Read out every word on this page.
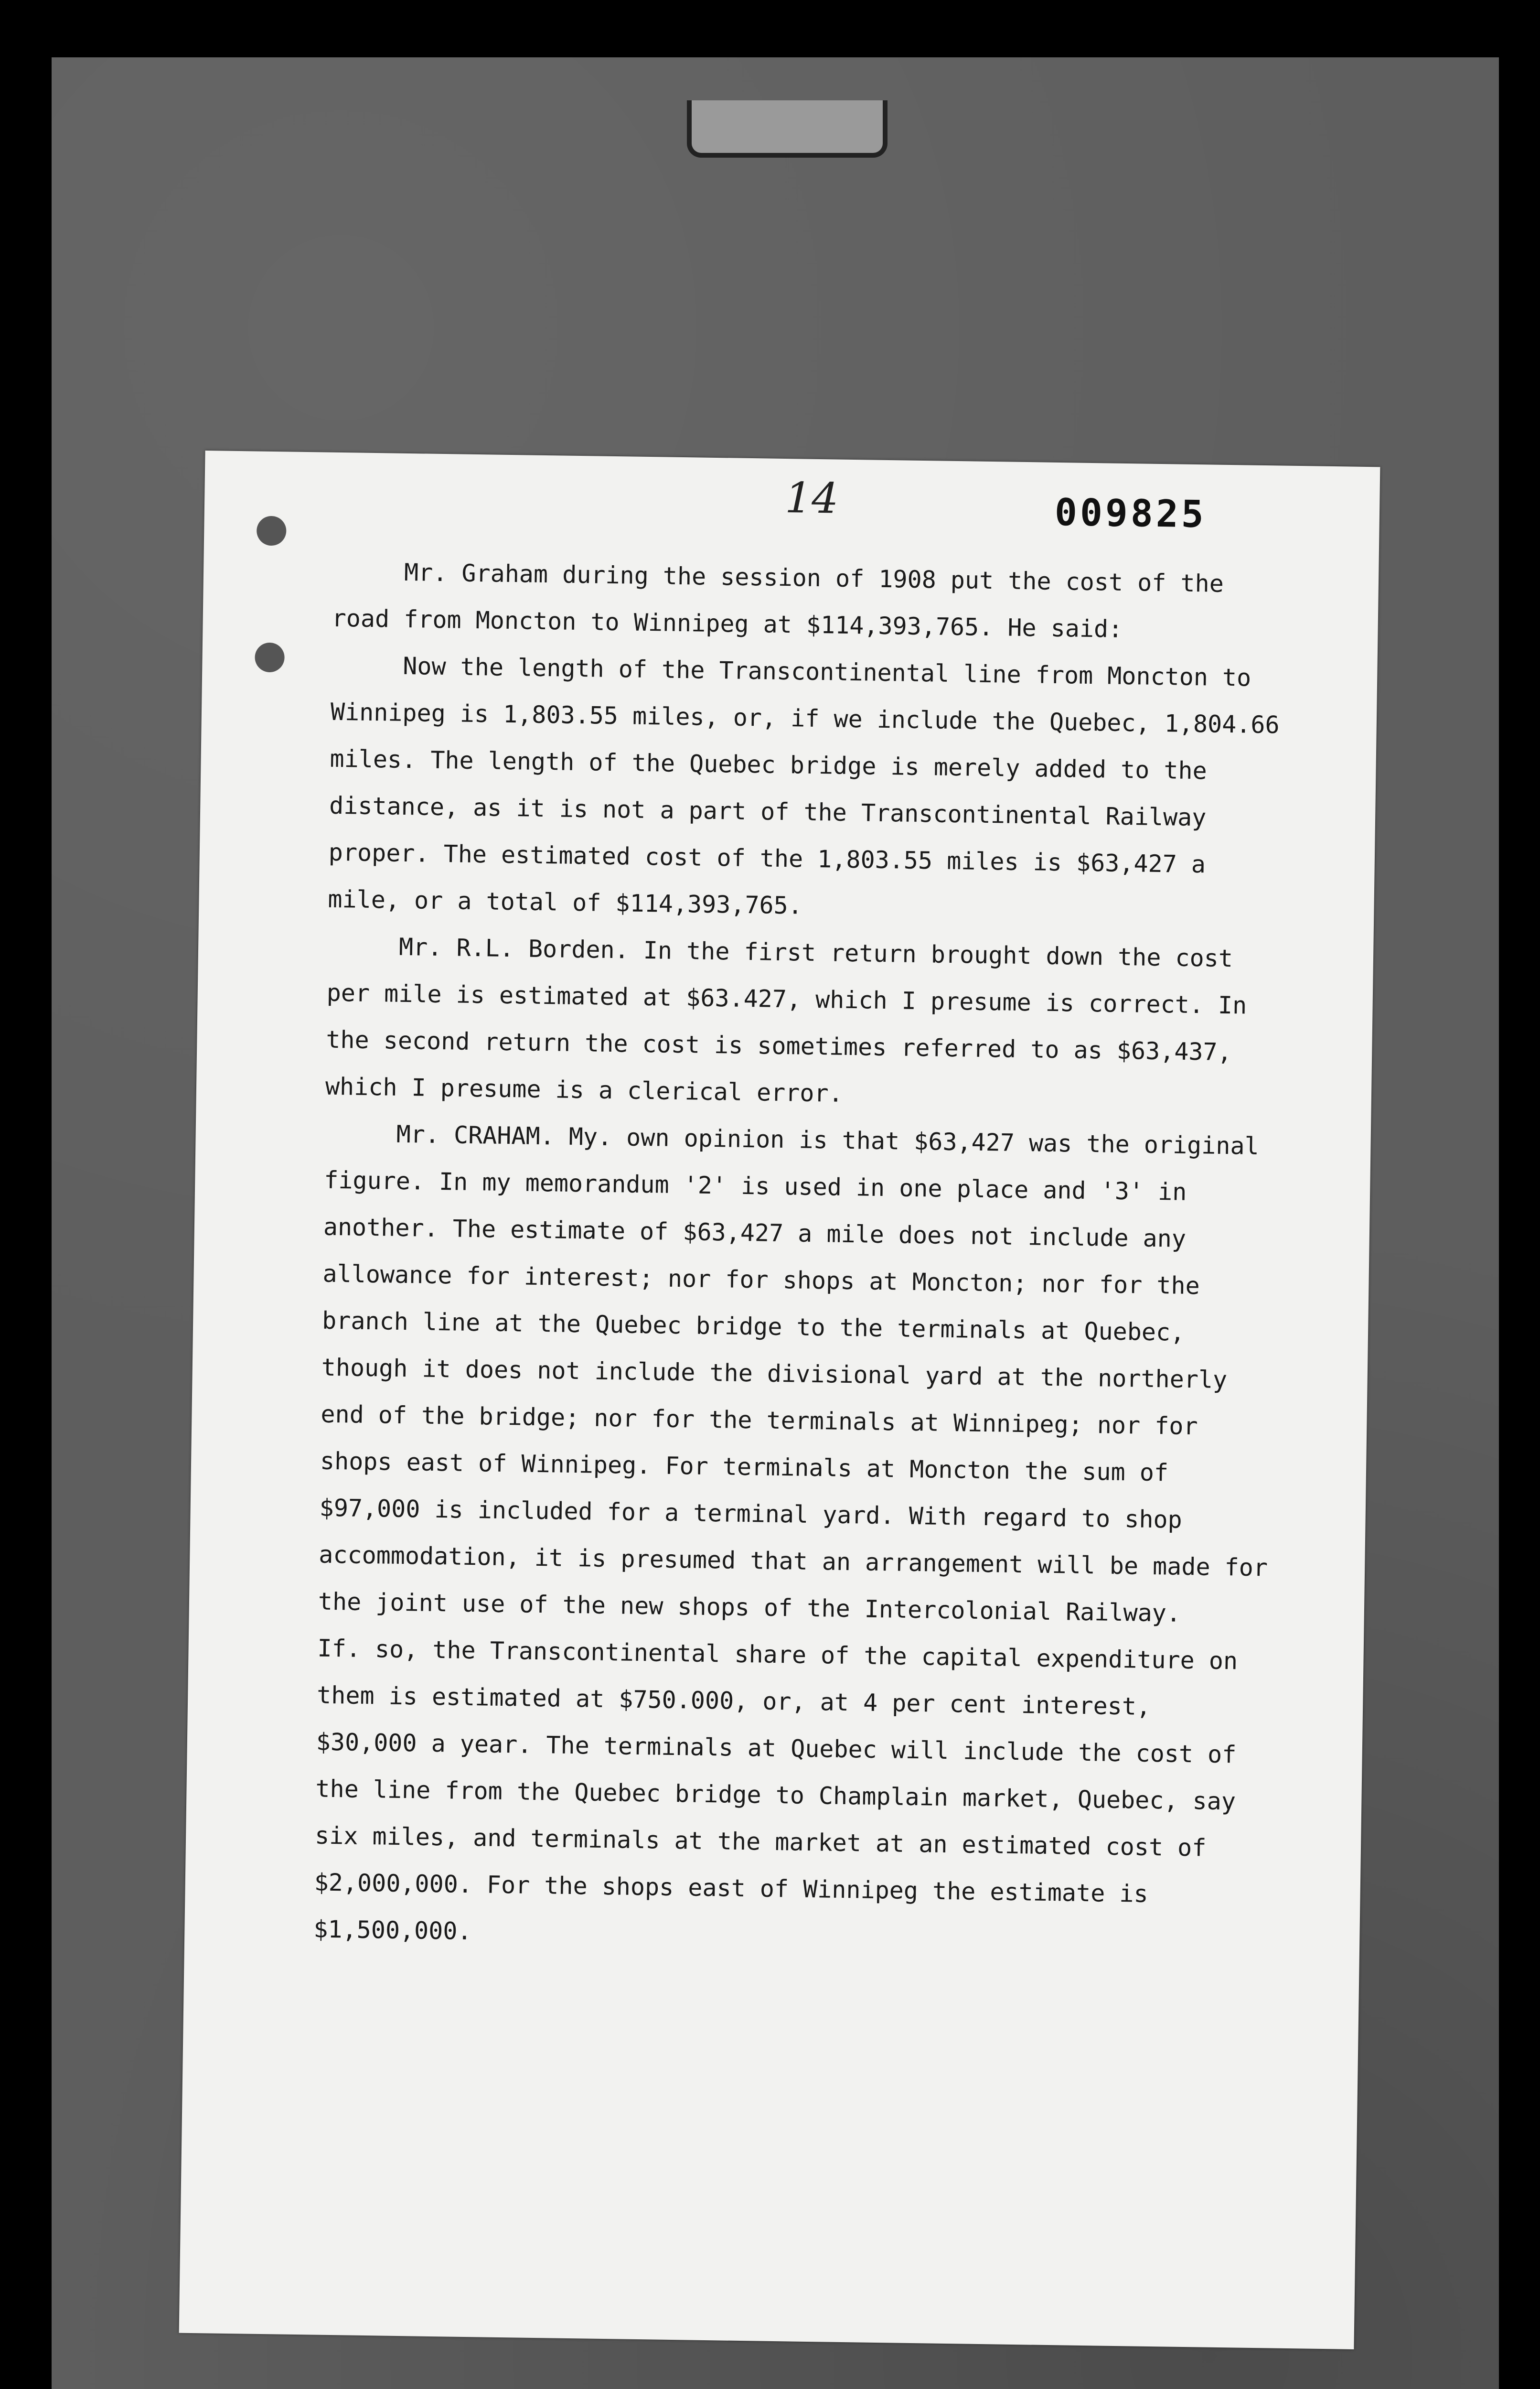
14	009825
Mr. Graham during the session of 1908 put the cost of the
road from Moncton to Winnipeg at $114,393,765. He said:
Now the length of the Transcontinental line from Moncton to
Winnipeg is 1,803.55 miles, or, if we include the Quebec, 1,804.66
miles. The length of the Quebec bridge is merely added to the
distance, as it is not a part of the Transcontinental Railway
proper. The estimated cost of the 1,803.55 miles is $63,427 a
mile, or a total of $114,393,765.
Mr. R.L. Borden. In the first return brought down the cost
per mile is estimated at $63.427, which I presume is correct. In
the second return the cost is sometimes referred to as $63,437,
which I presume is a clerical error.
Mr. CRAHAM. My. own opinion is that $63,427 was the original
figure. In my memorandum '2' is used in one place and '3' in
another. The estimate of $63,427 a mile does not include any
allowance for interest; nor for shops at Moncton; nor for the
branch line at the Quebec bridge to the terminals at Quebec,
though it does not include the divisional yard at the northerly
end of the bridge; nor for the terminals at Winnipeg; nor for
shops east of Winnipeg. For terminals at Moncton the sum of
$97,000 is included for a terminal yard. With regard to shop
accommodation, it is presumed that an arrangement will be made for
the joint use of the new shops of the Intercolonial Railway.
If. so, the Transcontinental share of the capital expenditure on
them is estimated at $750.000, or, at 4 per cent interest,
$30,000 a year. The terminals at Quebec will include the cost of
the line from the Quebec bridge to Champlain market, Quebec, say
six miles, and terminals at the market at an estimated cost of
$2,000,000. For the shops east of Winnipeg the estimate is
$1,500,000.
